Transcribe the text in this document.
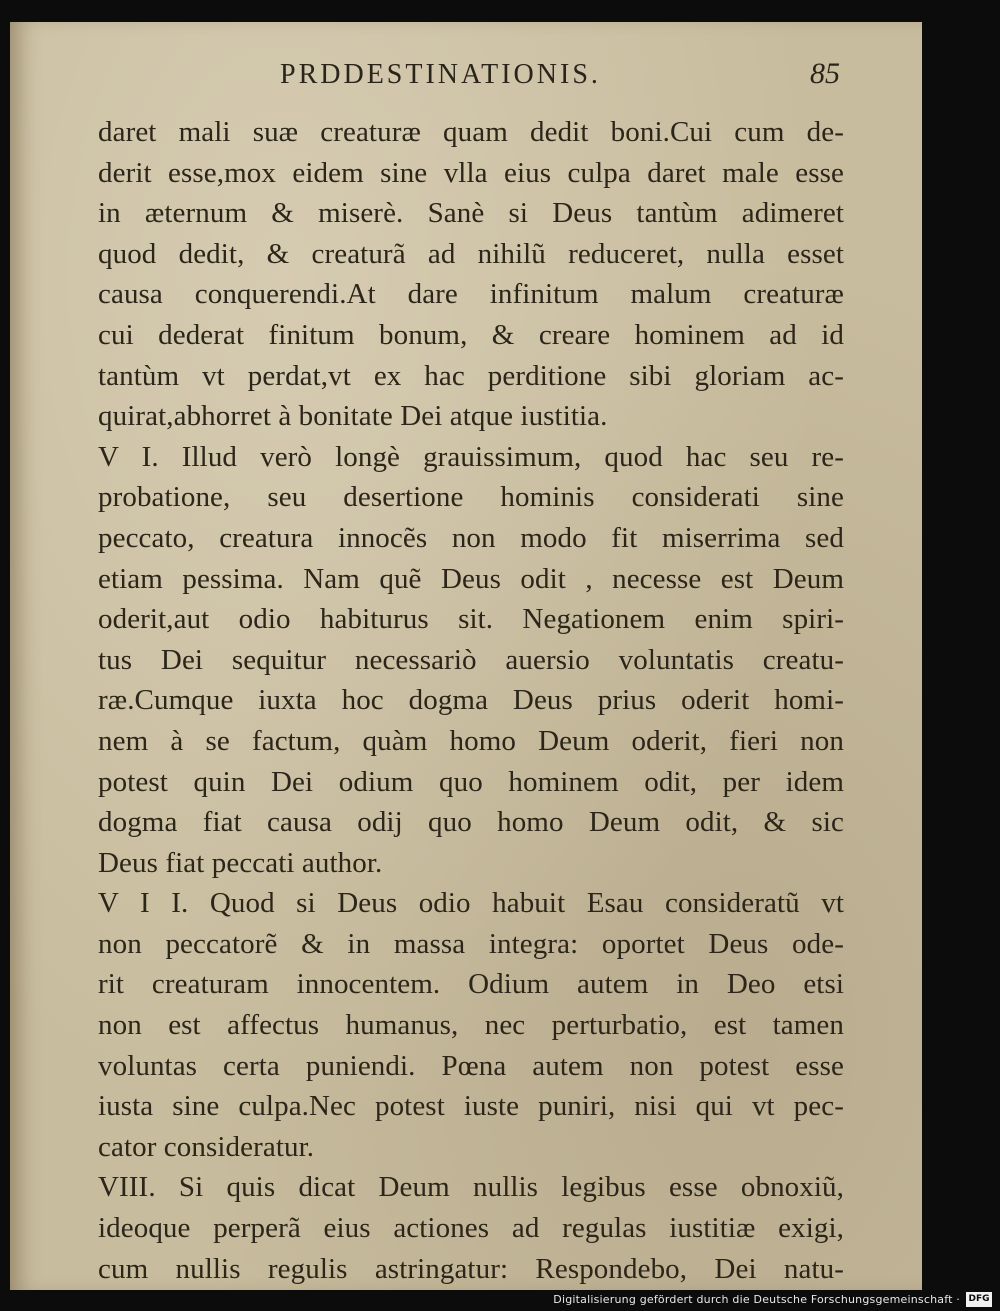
PRDDESTINATIONIS.	85
daret mali suæ creaturæ quam dedit boni.Cui cum de-
derit esse,mox eidem sine vlla eius culpa daret male esse
in æternum & miserè. Sanè si Deus tantùm adimeret
quod dedit, & creaturã ad nihilũ reduceret, nulla esset
causa conquerendi.At dare infinitum malum creaturæ
cui dederat finitum bonum, & creare hominem ad id
tantùm vt perdat,vt ex hac perditione sibi gloriam ac-
quirat,abhorret à bonitate Dei atque iustitia.
V I. Illud verò longè grauissimum, quod hac seu re-
probatione, seu desertione hominis considerati sine
peccato, creatura innocẽs non modo fit miserrima sed
etiam pessima. Nam quẽ Deus odit , necesse est Deum
oderit,aut odio habiturus sit. Negationem enim spiri-
tus Dei sequitur necessariò auersio voluntatis creatu-
ræ.Cumque iuxta hoc dogma Deus prius oderit homi-
nem à se factum, quàm homo Deum oderit, fieri non
potest quin Dei odium quo hominem odit, per idem
dogma fiat causa odij quo homo Deum odit, & sic
Deus fiat peccati author.
V I I. Quod si Deus odio habuit Esau consideratũ vt
non peccatorẽ & in massa integra: oportet Deus ode-
rit creaturam innocentem. Odium autem in Deo etsi
non est affectus humanus, nec perturbatio, est tamen
voluntas certa puniendi. Pœna autem non potest esse
iusta sine culpa.Nec potest iuste puniri, nisi qui vt pec-
cator consideratur.
VIII. Si quis dicat Deum nullis legibus esse obnoxiũ,
ideoque perperã eius actiones ad regulas iustitiæ exigi,
cum nullis regulis astringatur: Respondebo, Dei natu-
Digitalisierung gefördert durch die Deutsche Forschungsgemeinschaft · DFG
